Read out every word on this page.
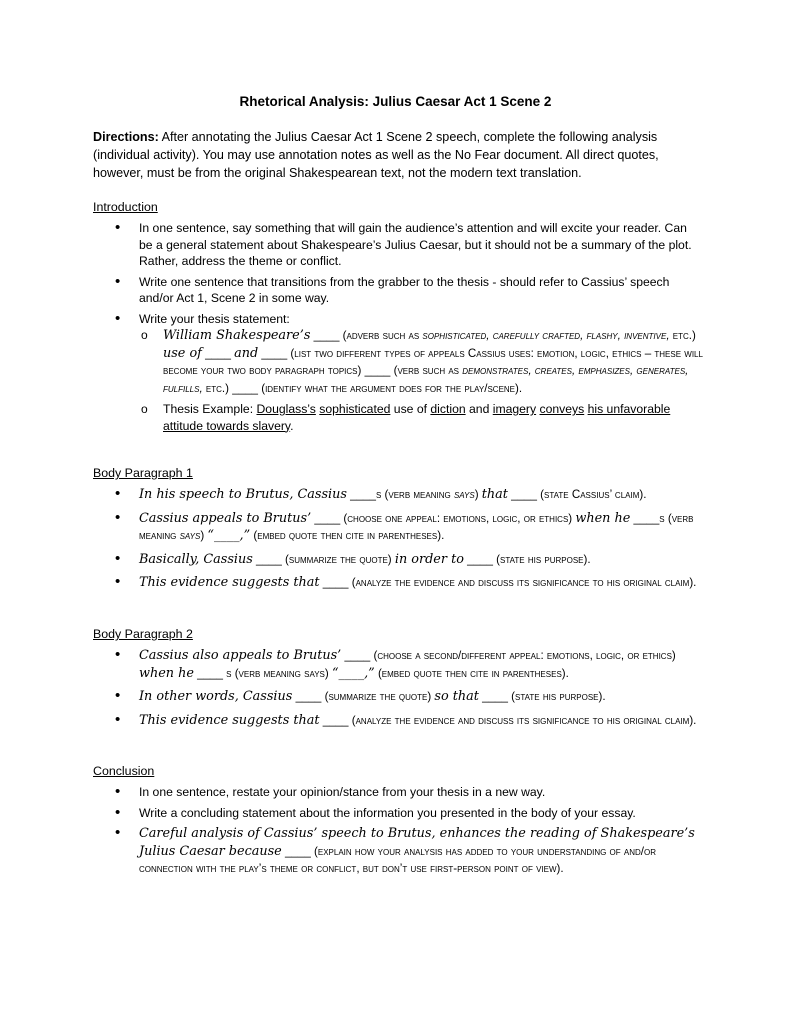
Rhetorical Analysis: Julius Caesar Act 1 Scene 2
Directions: After annotating the Julius Caesar Act 1 Scene 2 speech, complete the following analysis (individual activity). You may use annotation notes as well as the No Fear document. All direct quotes, however, must be from the original Shakespearean text, not the modern text translation.
Introduction
• In one sentence, say something that will gain the audience’s attention and will excite your reader. Can be a general statement about Shakespeare’s Julius Caesar, but it should not be a summary of the plot. Rather, address the theme or conflict.
• Write one sentence that transitions from the grabber to the thesis - should refer to Cassius’ speech and/or Act 1, Scene 2 in some way.
• Write your thesis statement:
o William Shakespeare’s ____ (adverb such as sophisticated, carefully crafted, flashy, inventive, etc.) use of ____ and ____ (list two different types of appeals Cassius uses: emotion, logic, ethics – these will become your two body paragraph topics) ____ (verb such as demonstrates, creates, emphasizes, generates, fulfills, etc.) ____ (identify what the argument does for the play/scene).
o Thesis Example: Douglass’s sophisticated use of diction and imagery conveys his unfavorable attitude towards slavery.
Body Paragraph 1
• In his speech to Brutus, Cassius ____s (verb meaning says) that ____ (state Cassius’ claim).
• Cassius appeals to Brutus’ ____ (choose one appeal: emotions, logic, or ethics) when he ____s (verb meaning says) “____,” (embed quote then cite in parentheses).
• Basically, Cassius ____ (summarize the quote) in order to ____ (state his purpose).
• This evidence suggests that ____ (analyze the evidence and discuss its significance to his original claim).
Body Paragraph 2
• Cassius also appeals to Brutus’ ____ (choose a second/different appeal: emotions, logic, or ethics) when he ____ s (verb meaning says) “____,” (embed quote then cite in parentheses).
• In other words, Cassius ____ (summarize the quote) so that ____ (state his purpose).
• This evidence suggests that ____ (analyze the evidence and discuss its significance to his original claim).
Conclusion
• In one sentence, restate your opinion/stance from your thesis in a new way.
• Write a concluding statement about the information you presented in the body of your essay.
• Careful analysis of Cassius’ speech to Brutus, enhances the reading of Shakespeare’s Julius Caesar because ____ (explain how your analysis has added to your understanding of and/or connection with the play’s theme or conflict, but don’t use first-person point of view).
